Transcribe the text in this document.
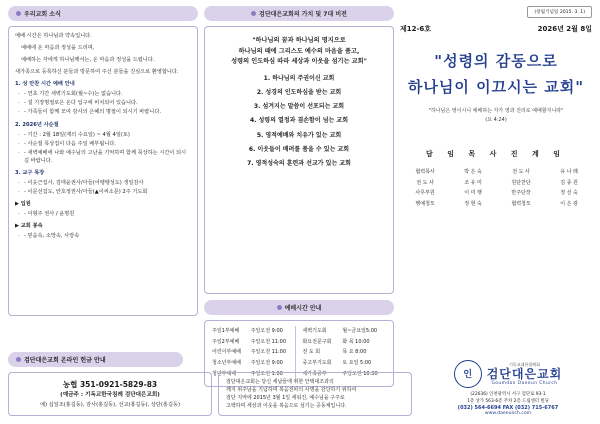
우리교회 소식

예배 시간은 하나님과 약속입니다.

예배에 온 마음과 정성을 드리며,

예배하는 자에게 하나님께서는, 온 마음과 정성을 드립니다.

새가족으로 등록하신 분들과 방문하여 주신 분들을 진심으로 환영합니다.

1. 성 만찬 시간 예배 안내
· - 연초 기간 새벽기도회(월~수)는 없습니다.
· - 설 기장명절로은 온다 입구에 비치되어 있습니다.
· - 가족들이 함께 모여 감사의 은혜의 명절이 되시기 바랍니다.
2. 2026년 사순절
· - 기간 : 2월 18일(재의 수요일) ~ 4월 4일(토)
· - 사순절 목상집이 다음 주일 배부됩니다.
· - 새벽예배에 나와 예수님의 고난을 기억하며 함께 묵상하는 시간이 되시길 바랍니다.
3. 교구 목장
· - 이웃근집사, 김태윤권사/아들(어땡땡성도) 생일감사
· - 이문선집도, 안호정권사/아들(▲이씨소문) 2주 기도회
▶ 입원
· - 이형주 권사 / 윤명원
▶ 교회 봉속
· - 믿음속, 소망속, 사랑속
검단대은교회의 가치 및 7대 비전
"하나님의 꿈과 하나님의 명지으로
하나님의 때에 그리스도 예수의 마음을 품고,
성령의 인도하심 따라 세상과 이웃을 섬기는 교회"
1. 하나님의 주권이신 교회
2. 성경의 인도하심을 받는 교회
3. 섬겨지는 말씀이 선포되는 교회
4. 성령의 열정과 겸손함이 넘는 교회
5. 영적예배와 치유가 있는 교회
6. 이웃들이 배려를 품을 수 있는 교회
7. 영적성숙의 훈련과 선교가 있는 교회
예배시간 안내
주일1부예배	주일오전 9:00	새벽기도회	월~금요일5:00
주일2부예배	주일오전 11:00	화요전문구회	화 목 10:00
어린이부예배	주일오전 11:00	전 도 회	목 요 8:00
청소년부예배	주일오전 9:00	중고부기도회	토 요일 5:00
청년부예배	주일오전 1:00	새가족공부	주일오전 10:30
(창립기념일 2015. 3. 1)
제12-6호	2026년 2월 8일
"성령의 감동으로
하나님이 이끄시는 교회"
"하나님은 영이시니 예배하는 자가 영과 진리로 예배할지니라"
(요 4:24)
담 임 목 사 진 계 임
협력목사	박 은 숙	전 도 사	유 나 래
전 도 사	조 유 미	원단찬단	김 종 원
사무부원	이 미 행	반주단장	정 선 숙
행예청모	정 현 숙	협력청모	이 은 광
검단대은교회 온라인 헌금 안내
농협 351-0921-5829-83
(예금주 : 기독교한국침례 검단대은교회)
예) 십일조(홍길동), 감사(홍길동), 선교(홍길동), 상단(홍길동)

검단대은교회는 당신 세남들에 위한 안택대조과의

깨지 위주남을 기념하며 복음전파의 사명을 감당하기 위하여

검단 지역에 2015년 3월 1일 세워진, 예수님을 구주로

고백하며 세상과 이웃을 복음으로 섬기는 공동체입니다.

인
기독교대한침례회
검단대은교회
Goumdan Daeeun Church
(22636) 인천광역시 서구 검단로 93-1
1층 상가 563-6층 주차 2층 드림센터 빌딩
(032) 564-6694 FAX (032) 715-6767
www.daeeunch.com
